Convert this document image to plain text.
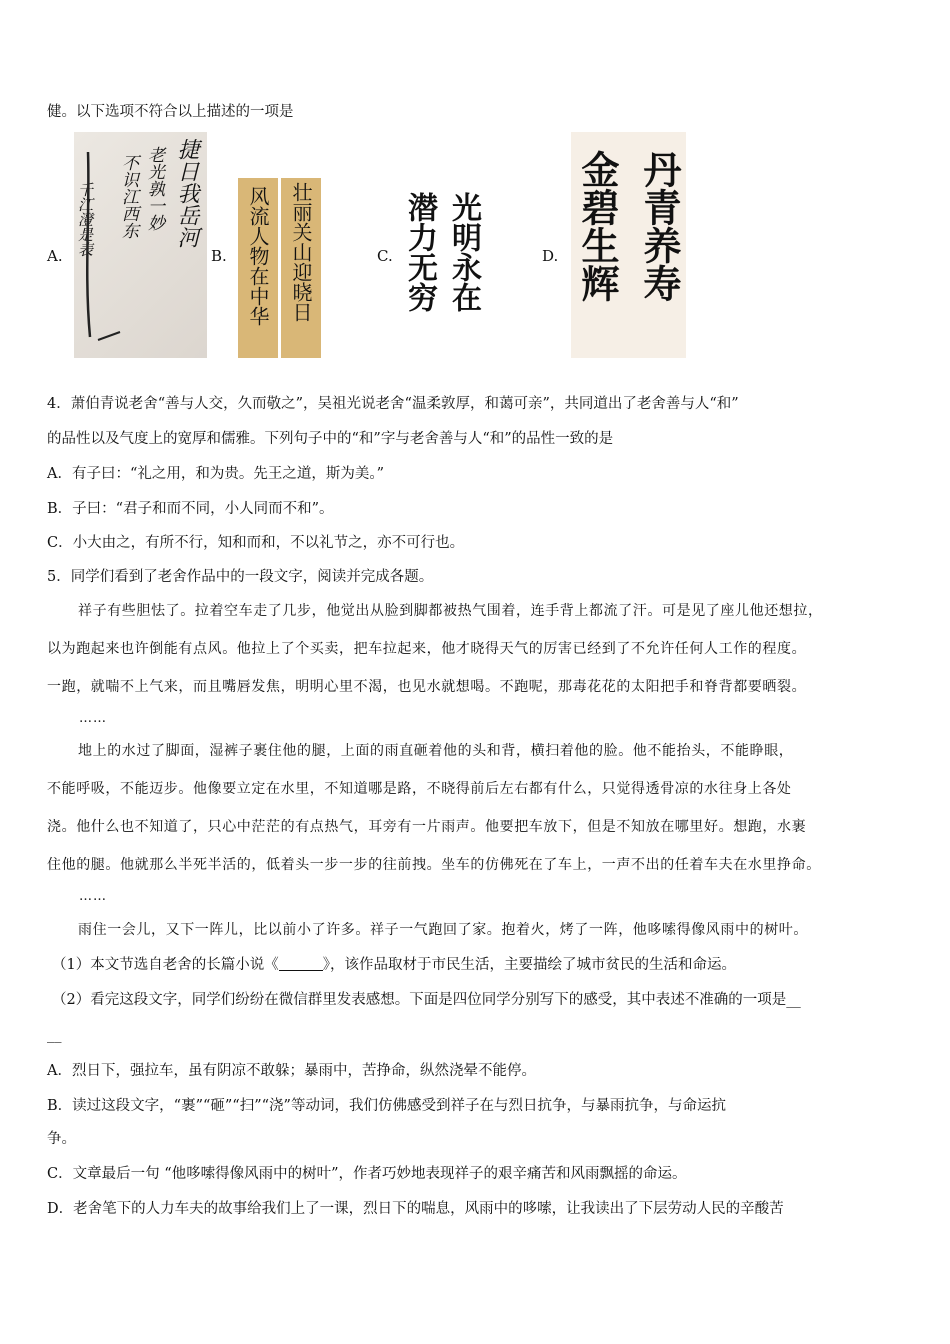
健。以下选项不符合以上描述的一项是
A.
捷日我岳河
老光孰一妙
不识江西东
千江澄是表	B. 风流人物在中华 壮丽关山迎晓日	C. 光明永在
潜力无穷	D. 丹青养寿
金碧生辉
4．萧伯青说老舍“善与人交，久而敬之”，吴祖光说老舍“温柔敦厚，和蔼可亲”，共同道出了老舍善与人“和”
的品性以及气度上的宽厚和儒雅。下列句子中的“和”字与老舍善与人“和”的品性一致的是
A．有子曰：“礼之用，和为贵。先王之道，斯为美。”
B．子曰：“君子和而不同，小人同而不和”。
C．小大由之，有所不行，知和而和，不以礼节之，亦不可行也。
5．同学们看到了老舍作品中的一段文字，阅读并完成各题。
祥子有些胆怯了。拉着空车走了几步，他觉出从脸到脚都被热气围着，连手背上都流了汗。可是见了座儿他还想拉，
以为跑起来也许倒能有点风。他拉上了个买卖，把车拉起来，他才晓得天气的厉害已经到了不允许任何人工作的程度。
一跑，就喘不上气来，而且嘴唇发焦，明明心里不渴，也见水就想喝。不跑呢，那毒花花的太阳把手和脊背都要晒裂。
……
地上的水过了脚面，湿裤子裹住他的腿，上面的雨直砸着他的头和背，横扫着他的脸。他不能抬头，不能睁眼，
不能呼吸，不能迈步。他像要立定在水里，不知道哪是路，不晓得前后左右都有什么，只觉得透骨凉的水往身上各处
浇。他什么也不知道了，只心中茫茫的有点热气，耳旁有一片雨声。他要把车放下，但是不知放在哪里好。想跑，水裹
住他的腿。他就那么半死半活的，低着头一步一步的往前拽。坐车的仿佛死在了车上，一声不出的任着车夫在水里挣命。
……
雨住一会儿，又下一阵儿，比以前小了许多。祥子一气跑回了家。抱着火，烤了一阵，他哆嗦得像风雨中的树叶。
（1）本文节选自老舍的长篇小说《	》，该作品取材于市民生活，主要描绘了城市贫民的生活和命运。
（2）看完这段文字，同学们纷纷在微信群里发表感想。下面是四位同学分别写下的感受，其中表述不准确的一项是__
__
A．烈日下，强拉车，虽有阴凉不敢躲；暴雨中，苦挣命，纵然浇晕不能停。
B．读过这段文字，“裹”“砸”“扫”“浇”等动词，我们仿佛感受到祥子在与烈日抗争，与暴雨抗争，与命运抗
争。
C．文章最后一句 “他哆嗦得像风雨中的树叶”，作者巧妙地表现祥子的艰辛痛苦和风雨飘摇的命运。
D．老舍笔下的人力车夫的故事给我们上了一课，烈日下的喘息，风雨中的哆嗦，让我读出了下层劳动人民的辛酸苦
